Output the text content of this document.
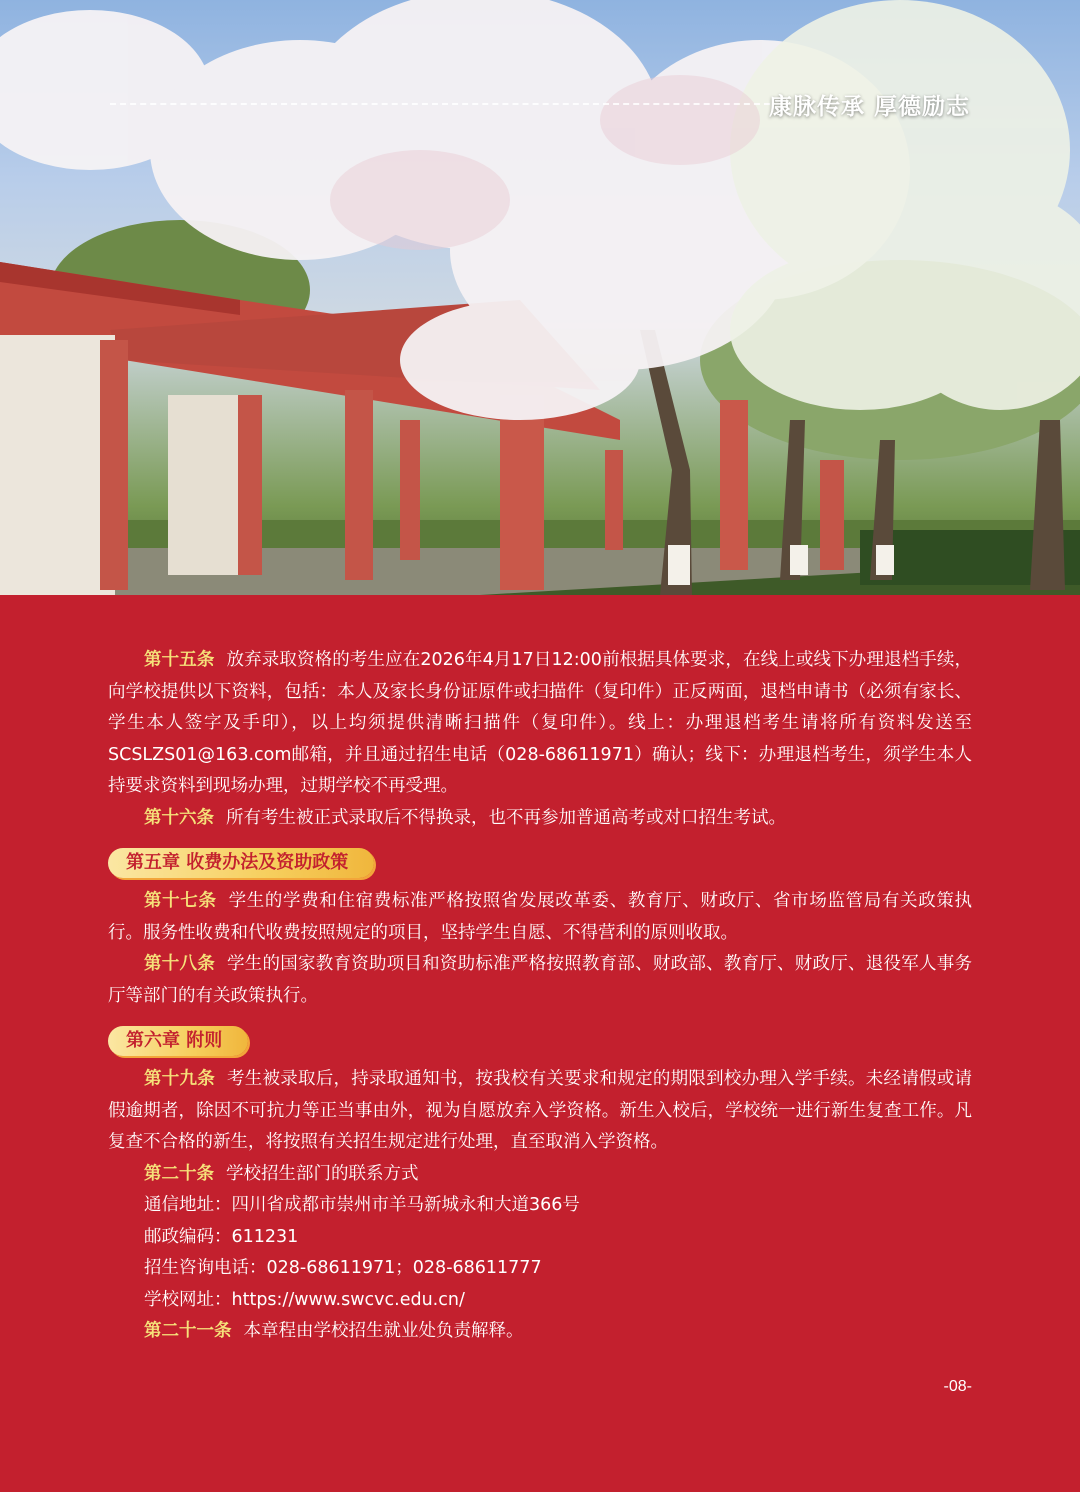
康脉传承 厚德励志

第十五条 放弃录取资格的考生应在2026年4月17日12:00前根据具体要求，在线上或线下办理退档手续，向学校提供以下资料，包括：本人及家长身份证原件或扫描件（复印件）正反两面，退档申请书（必须有家长、学生本人签字及手印），以上均须提供清晰扫描件（复印件）。线上：办理退档考生请将所有资料发送至SCSLZS01@163.com邮箱，并且通过招生电话（028-68611971）确认；线下：办理退档考生，须学生本人持要求资料到现场办理，过期学校不再受理。

第十六条 所有考生被正式录取后不得换录，也不再参加普通高考或对口招生考试。

第五章 收费办法及资助政策

第十七条 学生的学费和住宿费标准严格按照省发展改革委、教育厅、财政厅、省市场监管局有关政策执行。服务性收费和代收费按照规定的项目，坚持学生自愿、不得营利的原则收取。

第十八条 学生的国家教育资助项目和资助标准严格按照教育部、财政部、教育厅、财政厅、退役军人事务厅等部门的有关政策执行。

第六章 附则

第十九条 考生被录取后，持录取通知书，按我校有关要求和规定的期限到校办理入学手续。未经请假或请假逾期者，除因不可抗力等正当事由外，视为自愿放弃入学资格。新生入校后，学校统一进行新生复查工作。凡复查不合格的新生，将按照有关招生规定进行处理，直至取消入学资格。

第二十条 学校招生部门的联系方式

通信地址：四川省成都市崇州市羊马新城永和大道366号

邮政编码：611231

招生咨询电话：028-68611971；028-68611777

学校网址：https://www.swcvc.edu.cn/

第二十一条 本章程由学校招生就业处负责解释。

-08-
